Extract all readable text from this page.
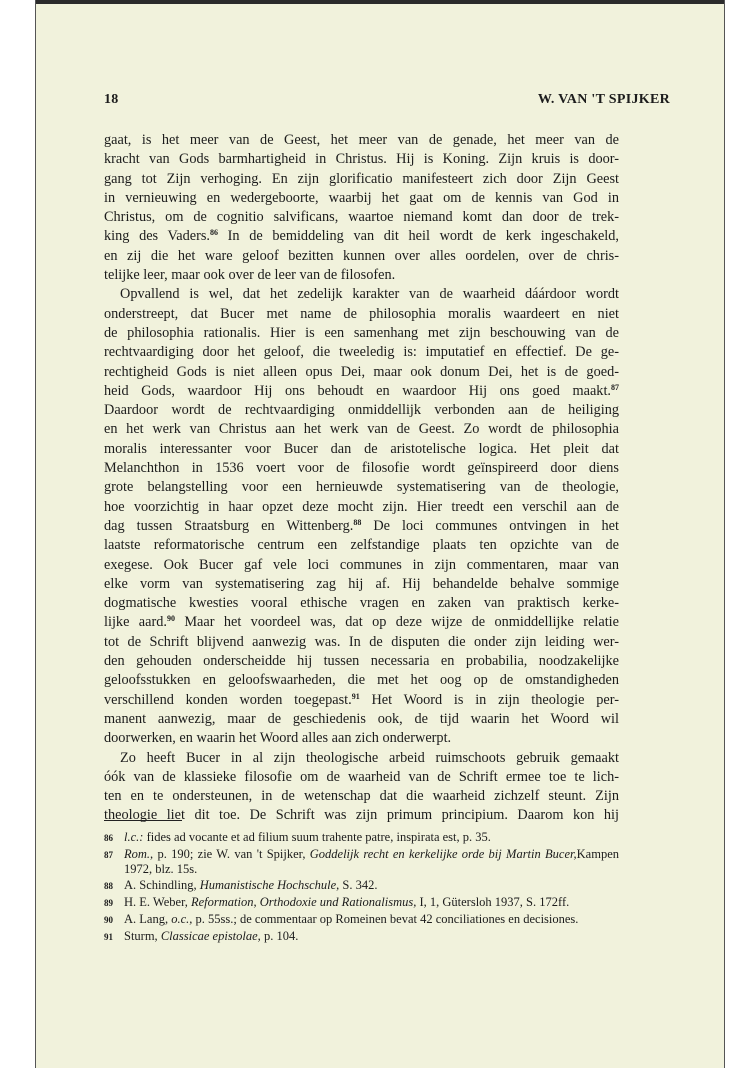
18	W. VAN 'T SPIJKER

gaat, is het meer van de Geest, het meer van de genade, het meer van de
kracht van Gods barmhartigheid in Christus. Hij is Koning. Zijn kruis is door-
gang tot Zijn verhoging. En zijn glorificatio manifesteert zich door Zijn Geest
in vernieuwing en wedergeboorte, waarbij het gaat om de kennis van God in
Christus, om de cognitio salvificans, waartoe niemand komt dan door de trek-
king des Vaders.$^{86}$ In de bemiddeling van dit heil wordt de kerk ingeschakeld,
en zij die het ware geloof bezitten kunnen over alles oordelen, over de chris-
telijke leer, maar ook over de leer van de filosofen.

Opvallend is wel, dat het zedelijk karakter van de waarheid dáárdoor wordt
onderstreept, dat Bucer met name de philosophia moralis waardeert en niet
de philosophia rationalis. Hier is een samenhang met zijn beschouwing van de
rechtvaardiging door het geloof, die tweeledig is: imputatief en effectief. De ge-
rechtigheid Gods is niet alleen opus Dei, maar ook donum Dei, het is de goed-
heid Gods, waardoor Hij ons behoudt en waardoor Hij ons goed maakt.$^{87}$
Daardoor wordt de rechtvaardiging onmiddellijk verbonden aan de heiliging
en het werk van Christus aan het werk van de Geest. Zo wordt de philosophia
moralis interessanter voor Bucer dan de aristotelische logica. Het pleit dat
Melanchthon in 1536 voert voor de filosofie wordt geïnspireerd door diens
grote belangstelling voor een hernieuwde systematisering van de theologie,
hoe voorzichtig in haar opzet deze mocht zijn. Hier treedt een verschil aan de
dag tussen Straatsburg en Wittenberg.$^{88}$ De loci communes ontvingen in het
laatste reformatorische centrum een zelfstandige plaats ten opzichte van de
exegese. Ook Bucer gaf vele loci communes in zijn commentaren, maar van
elke vorm van systematisering zag hij af. Hij behandelde behalve sommige
dogmatische kwesties vooral ethische vragen en zaken van praktisch kerke-
lijke aard.$^{90}$ Maar het voordeel was, dat op deze wijze de onmiddellijke relatie
tot de Schrift blijvend aanwezig was. In de disputen die onder zijn leiding wer-
den gehouden onderscheidde hij tussen necessaria en probabilia, noodzakelijke
geloofsstukken en geloofswaarheden, die met het oog op de omstandigheden
verschillend konden worden toegepast.$^{91}$ Het Woord is in zijn theologie per-
manent aanwezig, maar de geschiedenis ook, de tijd waarin het Woord wil
doorwerken, en waarin het Woord alles aan zich onderwerpt.

Zo heeft Bucer in al zijn theologische arbeid ruimschoots gebruik gemaakt
óók van de klassieke filosofie om de waarheid van de Schrift ermee toe te lich-
ten en te ondersteunen, in de wetenschap dat die waarheid zichzelf steunt. Zijn
theologie liet dit toe. De Schrift was zijn primum principium. Daarom kon hij

86 l.c.: fides ad vocante et ad filium suum trahente patre, inspirata est, p. 35.
87 Rom., p. 190; zie W. van 't Spijker, Goddelijk recht en kerkelijke orde bij Martin Bucer,Kampen 1972, blz. 15s.
88 A. Schindling, Humanistische Hochschule, S. 342.
89 H. E. Weber, Reformation, Orthodoxie und Rationalismus, I, 1, Gütersloh 1937, S. 172ff.
90 A. Lang, o.c., p. 55ss.; de commentaar op Romeinen bevat 42 conciliationes en decisiones.
91 Sturm, Classicae epistolae, p. 104.
